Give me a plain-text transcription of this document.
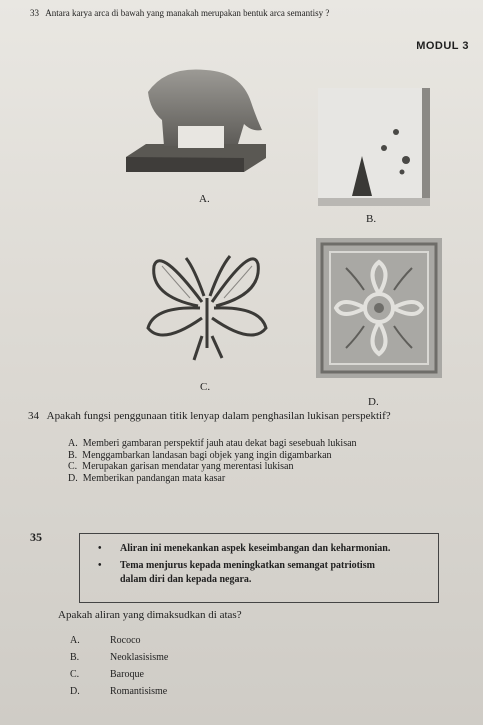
33 Antara karya arca di bawah yang manakah merupakan bentuk arca semantisy ?
MODUL 3
A.
B.
C.
D.
34 Apakah fungsi penggunaan titik lenyap dalam penghasilan lukisan perspektif?
A. Memberi gambaran perspektif jauh atau dekat bagi sesebuah lukisan
B. Menggambarkan landasan bagi objek yang ingin digambarkan
C. Merupakan garisan mendatar yang merentasi lukisan
D. Memberikan pandangan mata kasar
35
• Aliran ini menekankan aspek keseimbangan dan keharmonian.
• Tema menjurus kepada meningkatkan semangat patriotism
dalam diri dan kepada negara.
Apakah aliran yang dimaksudkan di atas?
A.	Rococo
B.	Neoklasisisme
C.	Baroque
D.	Romantisisme
